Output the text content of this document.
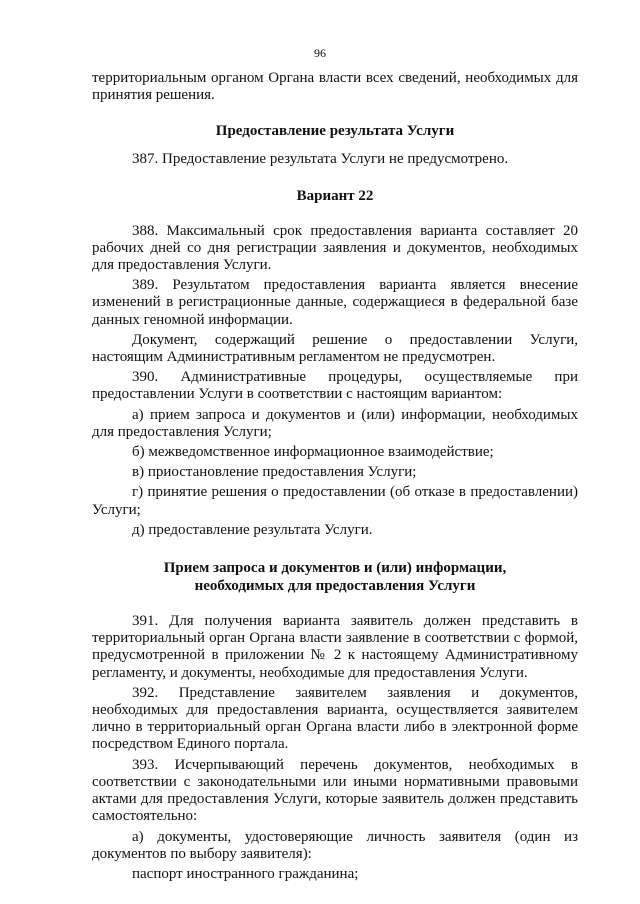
96

территориальным органом Органа власти всех сведений, необходимых для принятия решения.

Предоставление результата Услуги

387. Предоставление результата Услуги не предусмотрено.

Вариант 22

388. Максимальный срок предоставления варианта составляет 20 рабочих дней со дня регистрации заявления и документов, необходимых для предоставления Услуги.

389. Результатом предоставления варианта является внесение изменений в регистрационные данные, содержащиеся в федеральной базе данных геномной информации.

Документ, содержащий решение о предоставлении Услуги, настоящим Административным регламентом не предусмотрен.

390. Административные процедуры, осуществляемые при предоставлении Услуги в соответствии с настоящим вариантом:

а) прием запроса и документов и (или) информации, необходимых для предоставления Услуги;

б) межведомственное информационное взаимодействие;

в) приостановление предоставления Услуги;

г) принятие решения о предоставлении (об отказе в предоставлении) Услуги;

д) предоставление результата Услуги.

Прием запроса и документов и (или) информации,
необходимых для предоставления Услуги

391. Для получения варианта заявитель должен представить в территориальный орган Органа власти заявление в соответствии с формой, предусмотренной в приложении № 2 к настоящему Административному регламенту, и документы, необходимые для предоставления Услуги.

392. Представление заявителем заявления и документов, необходимых для предоставления варианта, осуществляется заявителем лично в территориальный орган Органа власти либо в электронной форме посредством Единого портала.

393. Исчерпывающий перечень документов, необходимых в соответствии с законодательными или иными нормативными правовыми актами для предоставления Услуги, которые заявитель должен представить самостоятельно:

а) документы, удостоверяющие личность заявителя (один из документов по выбору заявителя):

паспорт иностранного гражданина;
